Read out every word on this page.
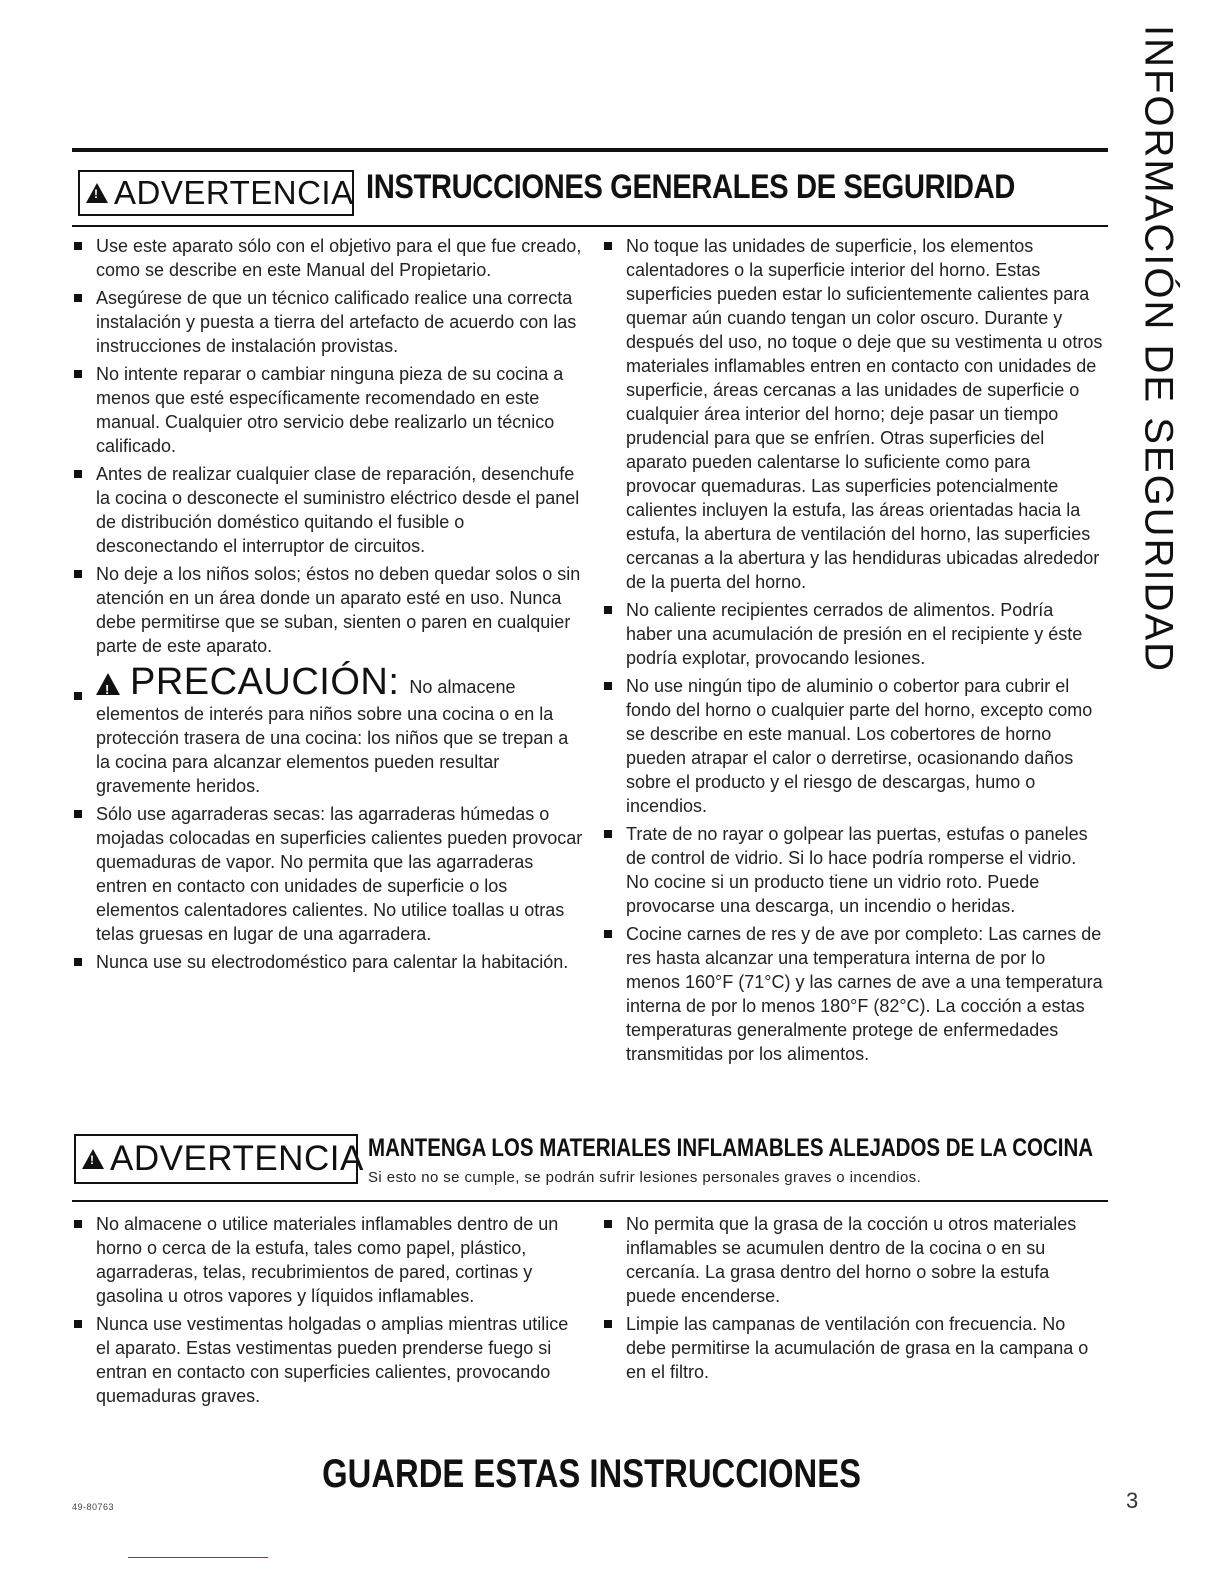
INFORMACIÓN DE SEGURIDAD
!
ADVERTENCIA INSTRUCCIONES GENERALES DE SEGURIDAD
Use este aparato sólo con el objetivo para el que fue creado, como se describe en este Manual del Propietario.
Asegúrese de que un técnico calificado realice una correcta instalación y puesta a tierra del artefacto de acuerdo con las instrucciones de instalación provistas.
No intente reparar o cambiar ninguna pieza de su cocina a menos que esté específicamente recomendado en este manual. Cualquier otro servicio debe realizarlo un técnico calificado.
Antes de realizar cualquier clase de reparación, desenchufe la cocina o desconecte el suministro eléctrico desde el panel de distribución doméstico quitando el fusible o desconectando el interruptor de circuitos.
No deje a los niños solos; éstos no deben quedar solos o sin atención en un área donde un aparato esté en uso. Nunca debe permitirse que se suban, sienten o paren en cualquier parte de este aparato.
!
PRECAUCIÓN: No almacene
elementos de interés para niños sobre una cocina o en la protección trasera de una cocina: los niños que se trepan a la cocina para alcanzar elementos pueden resultar gravemente heridos.
Sólo use agarraderas secas: las agarraderas húmedas o mojadas colocadas en superficies calientes pueden provocar quemaduras de vapor. No permita que las agarraderas entren en contacto con unidades de superficie o los elementos calentadores calientes. No utilice toallas u otras telas gruesas en lugar de una agarradera.
Nunca use su electrodoméstico para calentar la habitación.
No toque las unidades de superficie, los elementos calentadores o la superficie interior del horno. Estas superficies pueden estar lo suficientemente calientes para quemar aún cuando tengan un color oscuro. Durante y después del uso, no toque o deje que su vestimenta u otros materiales inflamables entren en contacto con unidades de superficie, áreas cercanas a las unidades de superficie o cualquier área interior del horno; deje pasar un tiempo prudencial para que se enfríen. Otras superficies del aparato pueden calentarse lo suficiente como para provocar quemaduras. Las superficies potencialmente calientes incluyen la estufa, las áreas orientadas hacia la estufa, la abertura de ventilación del horno, las superficies cercanas a la abertura y las hendiduras ubicadas alrededor de la puerta del horno.
No caliente recipientes cerrados de alimentos. Podría haber una acumulación de presión en el recipiente y éste podría explotar, provocando lesiones.
No use ningún tipo de aluminio o cobertor para cubrir el fondo del horno o cualquier parte del horno, excepto como se describe en este manual. Los cobertores de horno pueden atrapar el calor o derretirse, ocasionando daños sobre el producto y el riesgo de descargas, humo o incendios.
Trate de no rayar o golpear las puertas, estufas o paneles de control de vidrio. Si lo hace podría romperse el vidrio. No cocine si un producto tiene un vidrio roto. Puede provocarse una descarga, un incendio o heridas.
Cocine carnes de res y de ave por completo: Las carnes de res hasta alcanzar una temperatura interna de por lo menos 160°F (71°C) y las carnes de ave a una temperatura interna de por lo menos 180°F (82°C). La cocción a estas temperaturas generalmente protege de enfermedades transmitidas por los alimentos.
!
ADVERTENCIA MANTENGA LOS MATERIALES INFLAMABLES ALEJADOS DE LA COCINA
Si esto no se cumple, se podrán sufrir lesiones personales graves o incendios.
No almacene o utilice materiales inflamables dentro de un horno o cerca de la estufa, tales como papel, plástico, agarraderas, telas, recubrimientos de pared, cortinas y gasolina u otros vapores y líquidos inflamables.
Nunca use vestimentas holgadas o amplias mientras utilice el aparato. Estas vestimentas pueden prenderse fuego si entran en contacto con superficies calientes, provocando quemaduras graves.
No permita que la grasa de la cocción u otros materiales inflamables se acumulen dentro de la cocina o en su cercanía. La grasa dentro del horno o sobre la estufa puede encenderse.
Limpie las campanas de ventilación con frecuencia. No debe permitirse la acumulación de grasa en la campana o en el filtro.
GUARDE ESTAS INSTRUCCIONES
49-80763	3
